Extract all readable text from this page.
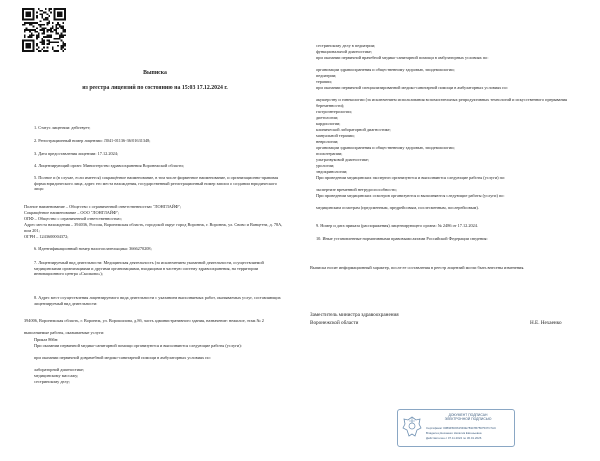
Выписка
из реестра лицензий по состоянию на 15:03 17.12.2024 г.
1. Статус лицензии: действует;
2. Регистрационный номер лицензии: Л041-01136-36/01631348;
3. Дата предоставления лицензии: 17.12.2024;
4. Лицензирующий орган: Министерство здравоохранения Воронежской области;
5. Полное и (в случае, если имеется) сокращённое наименование, в том числе фирменное наименование, и организационно-правовая форма юридического лица, адрес его места нахождения, государственный регистрационный номер записи о создании юридического лица:
Полное наименование – Общество с ограниченной ответственностью "ЛОНГЛАЙФ";
Сокращённое наименование – ООО "ЛОНГЛАЙФ";
ОПФ – Общество с ограниченной ответственностью;
Адрес места нахождения – 394036, Россия, Воронежская область, городской округ город Воронеж, г. Воронеж, ул. Свово и Ванцетти, д. 78А, пом 201;
ОГРН – 1243600004372;
6. Идентификационный номер налогоплательщика: 3666270208;
7. Лицензируемый вид деятельности: Медицинская деятельность (за исключением указанной деятельности, осуществляемой медицинскими организациями и другими организациями, входящими в частную систему здравоохранения, на территории инновационного центра «Сколково»);
8. Адрес мест осуществления лицензируемого вида деятельности с указанием выполняемых работ, оказываемых услуг, составляющих лицензируемый вид деятельности:
394006, Воронежская область, г. Воронеж, ул. Ворошилова, д.8б, часть административного здания, назначение: нежилое, этаж № 2
выполняемые работы, оказываемые услуги:
Приказ 866н:
При оказании первичной медико-санитарной помощи организуются и выполняются следующие работы (услуги):
при оказании первичной доврачебной медико-санитарной помощи в амбулаторных условиях по:
лабораторной диагностике;
медицинскому массажу;
сестринскому делу;
сестринскому делу в педиатрии;
функциональной диагностике;
при оказании первичной врачебной медико-санитарной помощи в амбулаторных условиях по:
организации здравоохранения и общественному здоровью, эпидемиологии;
педиатрии;
терапии;
при оказании первичной специализированной медико-санитарной помощи в амбулаторных условиях по:
акушерству и гинекологии (за исключением использования вспомогательных репродуктивных технологий и искусственного прерывания беременности);
гастроэнтерологии;
диетологии;
кардиологии;
клинической лабораторной диагностике;
мануальной терапии;
неврологии;
организации здравоохранения и общественному здоровью, эпидемиологии;
психотерапии;
ультразвуковой диагностике;
урологии;
эндокринологии;
При проведении медицинских экспертиз организуются и выполняются следующие работы (услуги) по:
экспертизе временной нетрудоспособности;
При проведении медицинских осмотров организуются и выполняются следующие работы (услуги) по:
медицинским осмотрам (предсменным, предрейсовым, послесменным, послерейсовым).
9. Номер и дата приказа (распоряжения) лицензирующего органа: № 2486 от 17.12.2024.
10. Иные установленные нормативными правовыми актами Российской Федерации сведения:
Выписка носит информационный характер, после ее составления в реестр лицензий могли быть внесены изменения.
Заместитель министра здравоохранения
Воронежской области	Н.Е. Нехаенко
ДОКУМЕНТ ПОДПИСАН
ЭЛЕКТРОННОЙ ПОДПИСЬЮ
Сертификат 00B9F5D6615F0E78347B7567537C7AC
Владелец Нехаенко Наталия Евгеньевна
Действителен с 07.11.2024 по 30.01.2026
